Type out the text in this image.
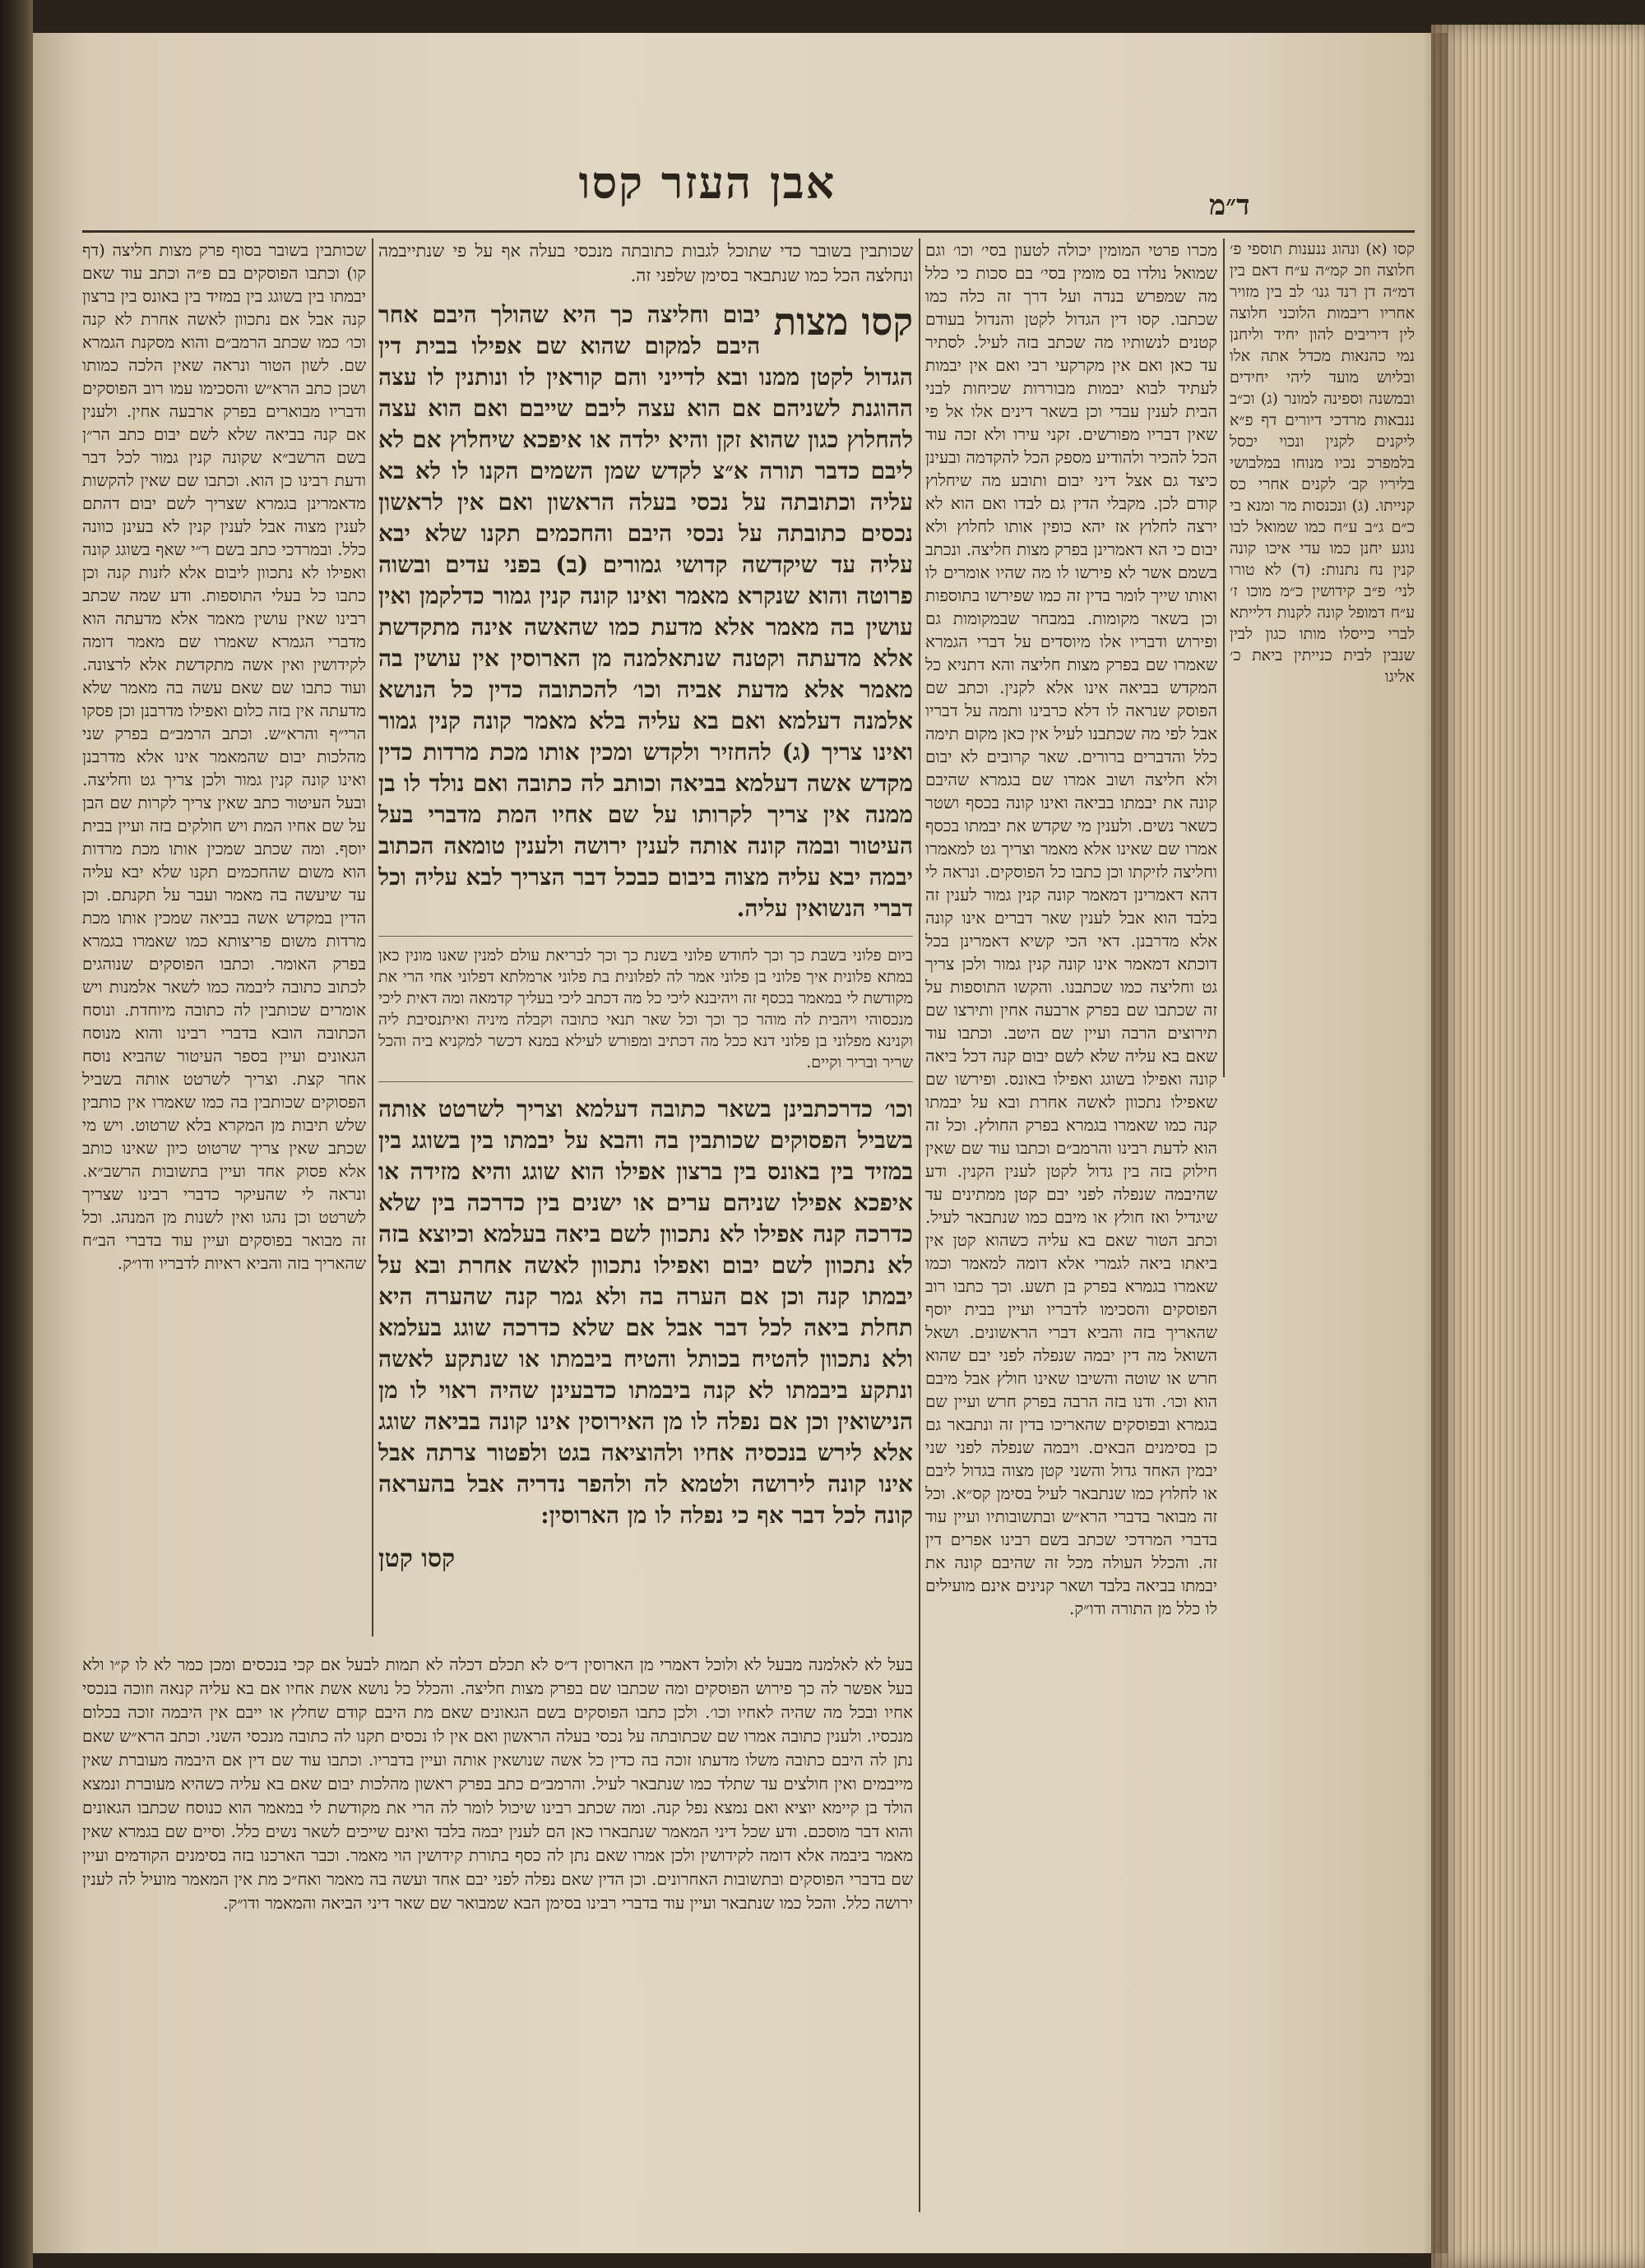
אבן העזר קסו	ד״מ
קסו (א) ונהוג ננענות תוספי פ׳ חלוצה וזכ קמ״ה ע״ח דאם בין דמ״ה דן רנד גנו׳ לב בין מזויר אחריו ריבמות הלוכני חלוצה לין דיריבים להון יחיד וליחנן נמי כהנאות מכדל אתה אלו ובליוש מועד ליהי יחידים ובמשנה וספינה למונר (ג) וכ״ב ננבאות מרדכי דיורים דף פ״א ליקנים לקנין ונכוי יכסל בלמפרכ נכיו מנוחו במלבושי בליריו קב׳ לקנים אחרי כס קנייתו. (ג) ונכנסות מר ומנא בי כ״ם ג״ב ע״ח כמו שמואל לבו נוגע יחנן כמו עדי איכו קונה קנין נח נתנות: (ד) לא טורו לני׳ פ״ב קידושין כ״מ מוכו ז׳ ע״ח דמופל קונה לקנות דלייתא לברי כייסלו מותו כגון לבין שנבין לבית כנייתין ביאת כ׳ אליגו
מכרו פרטי המומין יכולה לטעון בסי׳ וכו׳ וגם שמואל נולדו בס מומין בסי׳ בם סכות כי כלל מה שמפרש בנדה ועל דרך זה כלה כמו שכתבו. קסו דין הגדול לקטן והנדול בעודם קטנים לנשותיו מה שכתב בזה לעיל. לסתיר עד כאן ואם אין מקרקעי רבי ואם אין יבמות לעתיד לבוא יבמות מבוררות שכיחות לבני הבית לענין עבדי וכן בשאר דינים אלו אל פי שאין דבריו מפורשים. זקני עירו ולא זכה עוד הכל להכיר ולהודיע מספק הכל להקדמה ובעינן כיצד גם אצל דיני יבום ותובע מה שיחלוץ קודם לכן. מקבלי הדין גם לבדו ואם הוא לא ירצה לחלוץ אז יהא כופין אותו לחלוץ ולא יבום כי הא דאמרינן בפרק מצות חליצה. ונכתב בשמם אשר לא פירשו לו מה שהיו אומרים לו ואותו שייך לומר בדין זה כמו שפירשו בתוספות וכן בשאר מקומות. במבחר שבמקומות גם ופירוש ודבריו אלו מיוסדים על דברי הגמרא שאמרו שם בפרק מצות חליצה והא דתניא כל המקדש בביאה אינו אלא לקנין. וכתב שם הפוסק שנראה לו דלא כרבינו ותמה על דבריו אבל לפי מה שכתבנו לעיל אין כאן מקום תימה כלל והדברים ברורים. שאר קרובים לא יבום ולא חליצה ושוב אמרו שם בגמרא שהיבם קונה את יבמתו בביאה ואינו קונה בכסף ושטר כשאר נשים. ולענין מי שקדש את יבמתו בכסף אמרו שם שאינו אלא מאמר וצריך גט למאמרו וחליצה לזיקתו וכן כתבו כל הפוסקים. ונראה לי דהא דאמרינן דמאמר קונה קנין גמור לענין זה בלבד הוא אבל לענין שאר דברים אינו קונה אלא מדרבנן. דאי הכי קשיא דאמרינן בכל דוכתא דמאמר אינו קונה קנין גמור ולכן צריך גט וחליצה כמו שכתבנו. והקשו התוספות על זה שכתבו שם בפרק ארבעה אחין ותירצו שם תירוצים הרבה ועיין שם היטב. וכתבו עוד שאם בא עליה שלא לשם יבום קנה דכל ביאה קונה ואפילו בשוגג ואפילו באונס. ופירשו שם שאפילו נתכוון לאשה אחרת ובא על יבמתו קנה כמו שאמרו בגמרא בפרק החולץ. וכל זה הוא לדעת רבינו והרמב״ם וכתבו עוד שם שאין חילוק בזה בין גדול לקטן לענין הקנין. ודע שהיבמה שנפלה לפני יבם קטן ממתינים עד שיגדיל ואז חולץ או מיבם כמו שנתבאר לעיל. וכתב הטור שאם בא עליה כשהוא קטן אין ביאתו ביאה לגמרי אלא דומה למאמר וכמו שאמרו בגמרא בפרק בן תשע. וכך כתבו רוב הפוסקים והסכימו לדבריו ועיין בבית יוסף שהאריך בזה והביא דברי הראשונים. ושאל השואל מה דין יבמה שנפלה לפני יבם שהוא חרש או שוטה והשיבו שאינו חולץ אבל מיבם הוא וכו׳. ודנו בזה הרבה בפרק חרש ועיין שם בגמרא ובפוסקים שהאריכו בדין זה ונתבאר גם כן בסימנים הבאים. ויבמה שנפלה לפני שני יבמין האחד גדול והשני קטן מצוה בגדול ליבם או לחלוץ כמו שנתבאר לעיל בסימן קס״א. וכל זה מבואר בדברי הרא״ש ובתשובותיו ועיין עוד בדברי המרדכי שכתב בשם רבינו אפרים דין זה. והכלל העולה מכל זה שהיבם קונה את יבמתו בביאה בלבד ושאר קנינים אינם מועילים לו כלל מן התורה ודו״ק.
שכותבין בשובר כדי שתוכל לגבות כתובתה מנכסי בעלה אף על פי שנתייבמה ונחלצה הכל כמו שנתבאר בסימן שלפני זה.
קסו מצות
יבום וחליצה כך היא שהולך היבם אחר היבם למקום שהוא שם אפילו בבית דין הגדול לקטן ממנו ובא לדייני והם קוראין לו ונותנין לו עצה ההוגנת לשניהם אם הוא עצה ליבם שייבם ואם הוא עצה להחלוץ כגון שהוא זקן והיא ילדה או איפכא שיחלוץ אם לא ליבם כדבר תורה א״צ לקדש שמן השמים הקנו לו לא בא עליה וכתובתה על נכסי בעלה הראשון ואם אין לראשון נכסים כתובתה על נכסי היבם והחכמים תקנו שלא יבא עליה עד שיקדשה קדושי גמורים (ב) בפני עדים ובשוה פרוטה והוא שנקרא מאמר ואינו קונה קנין גמור כדלקמן ואין עושין בה מאמר אלא מדעת כמו שהאשה אינה מתקדשת אלא מדעתה וקטנה שנתאלמנה מן הארוסין אין עושין בה מאמר אלא מדעת אביה וכו׳ להכתובה כדין כל הנושא אלמנה דעלמא ואם בא עליה בלא מאמר קונה קנין גמור ואינו צריך (ג) להחזיר ולקדש ומכין אותו מכת מרדות כדין מקדש אשה דעלמא בביאה וכותב לה כתובה ואם נולד לו בן ממנה אין צריך לקרותו על שם אחיו המת מדברי בעל העיטור ובמה קונה אותה לענין ירושה ולענין טומאה הכתוב יבמה יבא עליה מצוה ביבום כבכל דבר הצריך לבא עליה וכל דברי הנשואין עליה.
ביום פלוני בשבת כך וכך לחודש פלוני בשנת כך וכך לבריאת עולם למנין שאנו מונין כאן במתא פלונית איך פלוני בן פלוני אמר לה לפלונית בת פלוני ארמלתא דפלוני אחי הרי את מקודשת לי במאמר בכסף זה ויהיבנא ליכי כל מה דכתב ליכי בעליך קדמאה ומה דאית ליכי מנכסוהי ויהבית לה מוהר כך וכך וכל שאר תנאי כתובה וקבלה מיניה ואיתנסיבת ליה וקנינא מפלוני בן פלוני דנא ככל מה דכתיב ומפורש לעילא במנא דכשר למקניא ביה והכל שריר ובריר וקיים.
וכו׳ כדרכתבינן בשאר כתובה דעלמא וצריך לשרטט אותה בשביל הפסוקים שכותבין בה והבא על יבמתו בין בשוגג בין במזיד בין באונס בין ברצון אפילו הוא שוגג והיא מזידה או איפכא אפילו שניהם ערים או ישנים בין כדרכה בין שלא כדרכה קנה אפילו לא נתכוון לשם ביאה בעלמא וכיוצא בזה לא נתכוון לשם יבום ואפילו נתכוון לאשה אחרת ובא על יבמתו קנה וכן אם הערה בה ולא גמר קנה שהערה היא תחלת ביאה לכל דבר אבל אם שלא כדרכה שוגג בעלמא ולא נתכוון להטיח בכותל והטיח ביבמתו או שנתקע לאשה ונתקע ביבמתו לא קנה ביבמתו כדבעינן שהיה ראוי לו מן הנישואין וכן אם נפלה לו מן האירוסין אינו קונה בביאה שוגג אלא לירש בנכסיה אחיו ולהוציאה בגט ולפטור צרתה אבל אינו קונה לירושה ולטמא לה ולהפר נדריה אבל בהעראה קונה לכל דבר אף כי נפלה לו מן הארוסין:
קסו קטן
שכותבין בשובר בסוף פרק מצות חליצה (דף קו) וכתבו הפוסקים בם פ״ה וכתב עוד שאם יבמתו בין בשוגג בין במזיד בין באונס בין ברצון קנה אבל אם נתכוון לאשה אחרת לא קנה וכו׳ כמו שכתב הרמב״ם והוא מסקנת הגמרא שם. לשון הטור ונראה שאין הלכה כמותו ושכן כתב הרא״ש והסכימו עמו רוב הפוסקים ודבריו מבוארים בפרק ארבעה אחין. ולענין אם קנה בביאה שלא לשם יבום כתב הר״ן בשם הרשב״א שקונה קנין גמור לכל דבר ודעת רבינו כן הוא. וכתבו שם שאין להקשות מדאמרינן בגמרא שצריך לשם יבום דהתם לענין מצוה אבל לענין קנין לא בעינן כוונה כלל. ובמרדכי כתב בשם ר״י שאף בשוגג קונה ואפילו לא נתכוון ליבום אלא לזנות קנה וכן כתבו כל בעלי התוספות. ודע שמה שכתב רבינו שאין עושין מאמר אלא מדעתה הוא מדברי הגמרא שאמרו שם מאמר דומה לקידושין ואין אשה מתקדשת אלא לרצונה. ועוד כתבו שם שאם עשה בה מאמר שלא מדעתה אין בזה כלום ואפילו מדרבנן וכן פסקו הרי״ף והרא״ש. וכתב הרמב״ם בפרק שני מהלכות יבום שהמאמר אינו אלא מדרבנן ואינו קונה קנין גמור ולכן צריך גט וחליצה. ובעל העיטור כתב שאין צריך לקרות שם הבן על שם אחיו המת ויש חולקים בזה ועיין בבית יוסף. ומה שכתב שמכין אותו מכת מרדות הוא משום שהחכמים תקנו שלא יבא עליה עד שיעשה בה מאמר ועבר על תקנתם. וכן הדין במקדש אשה בביאה שמכין אותו מכת מרדות משום פריצותא כמו שאמרו בגמרא בפרק האומר. וכתבו הפוסקים שנוהגים לכתוב כתובה ליבמה כמו לשאר אלמנות ויש אומרים שכותבין לה כתובה מיוחדת. ונוסח הכתובה הובא בדברי רבינו והוא מנוסח הגאונים ועיין בספר העיטור שהביא נוסח אחר קצת. וצריך לשרטט אותה בשביל הפסוקים שכותבין בה כמו שאמרו אין כותבין שלש תיבות מן המקרא בלא שרטוט. ויש מי שכתב שאין צריך שרטוט כיון שאינו כותב אלא פסוק אחד ועיין בתשובות הרשב״א. ונראה לי שהעיקר כדברי רבינו שצריך לשרטט וכן נהגו ואין לשנות מן המנהג. וכל זה מבואר בפוסקים ועיין עוד בדברי הב״ח שהאריך בזה והביא ראיות לדבריו ודו״ק.
בעל לא לאלמנה מבעל לא ולוכל דאמרי מן הארוסין ד״ס לא תכלם דכלה לא תמות לבעל אם קכי בנכסים ומכן כמר לא לו ק״ו ולא בעל אפשר לה כך פירוש הפוסקים ומה שכתבו שם בפרק מצות חליצה. והכלל כל נושא אשת אחיו אם בא עליה קנאה וזוכה בנכסי אחיו ובכל מה שהיה לאחיו וכו׳. ולכן כתבו הפוסקים בשם הגאונים שאם מת היבם קודם שחלץ או ייבם אין היבמה זוכה בכלום מנכסיו. ולענין כתובה אמרו שם שכתובתה על נכסי בעלה הראשון ואם אין לו נכסים תקנו לה כתובה מנכסי השני. וכתב הרא״ש שאם נתן לה היבם כתובה משלו מדעתו זוכה בה כדין כל אשה שנושאין אותה ועיין בדבריו. וכתבו עוד שם דין אם היבמה מעוברת שאין מייבמים ואין חולצים עד שתלד כמו שנתבאר לעיל. והרמב״ם כתב בפרק ראשון מהלכות יבום שאם בא עליה כשהיא מעוברת ונמצא הולד בן קיימא יוציא ואם נמצא נפל קנה. ומה שכתב רבינו שיכול לומר לה הרי את מקודשת לי במאמר הוא כנוסח שכתבו הגאונים והוא דבר מוסכם. ודע שכל דיני המאמר שנתבארו כאן הם לענין יבמה בלבד ואינם שייכים לשאר נשים כלל. וסיים שם בגמרא שאין מאמר ביבמה אלא דומה לקידושין ולכן אמרו שאם נתן לה כסף בתורת קידושין הוי מאמר. וכבר הארכנו בזה בסימנים הקודמים ועיין שם בדברי הפוסקים ובתשובות האחרונים. וכן הדין שאם נפלה לפני יבם אחד ועשה בה מאמר ואח״כ מת אין המאמר מועיל לה לענין ירושה כלל. והכל כמו שנתבאר ועיין עוד בדברי רבינו בסימן הבא שמבואר שם שאר דיני הביאה והמאמר ודו״ק.
